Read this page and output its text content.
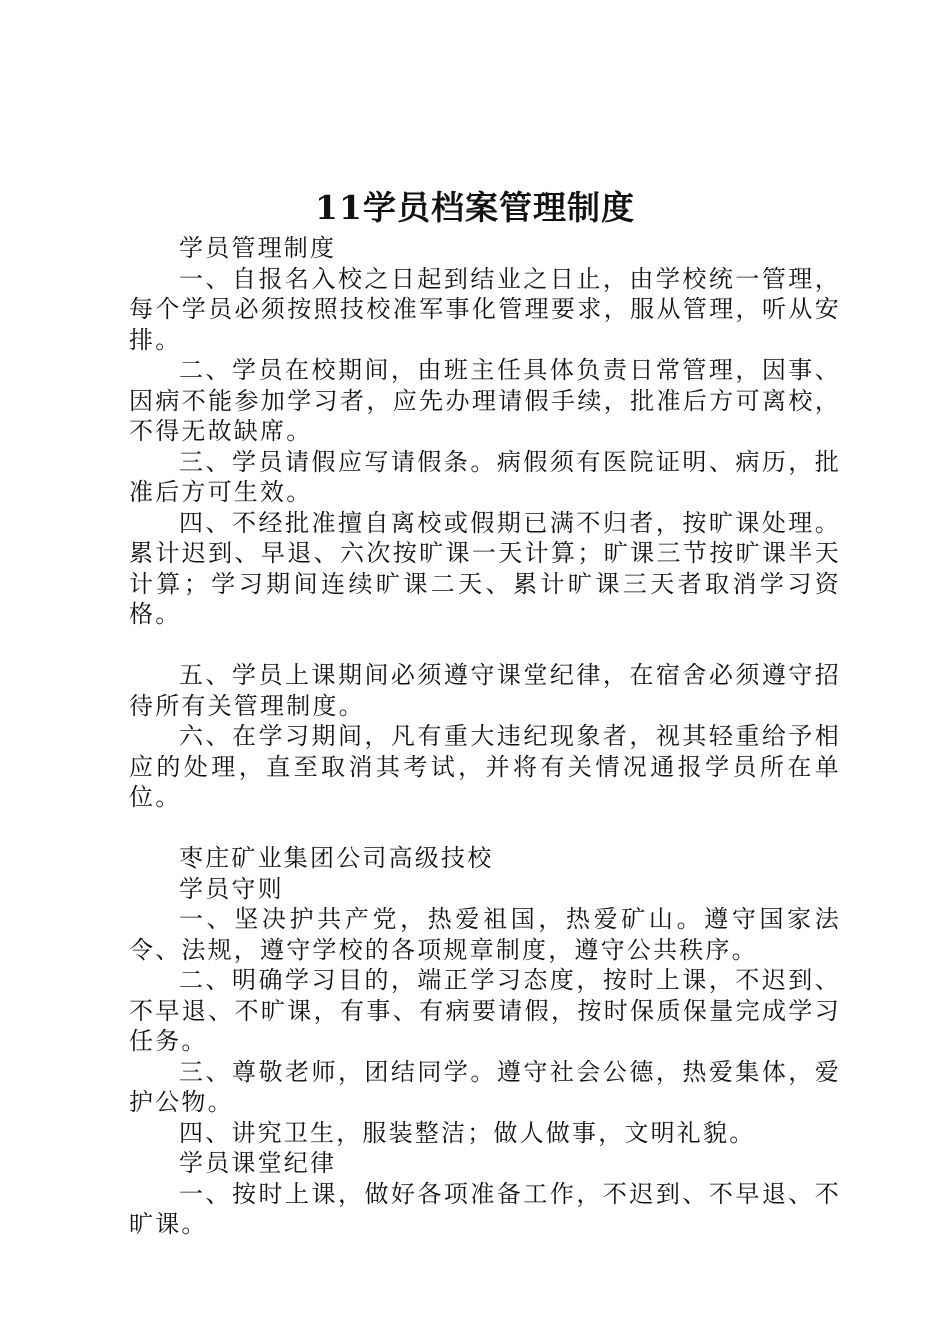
11学员档案管理制度

学员管理制度

一、自报名入校之日起到结业之日止，由学校统一管理，每个学员必须按照技校准军事化管理要求，服从管理，听从安排。

二、学员在校期间，由班主任具体负责日常管理，因事、因病不能参加学习者，应先办理请假手续，批准后方可离校，不得无故缺席。

三、学员请假应写请假条。病假须有医院证明、病历，批准后方可生效。

四、不经批准擅自离校或假期已满不归者，按旷课处理。累计迟到、早退、六次按旷课一天计算；旷课三节按旷课半天计算；学习期间连续旷课二天、累计旷课三天者取消学习资格。

五、学员上课期间必须遵守课堂纪律，在宿舍必须遵守招待所有关管理制度。

六、在学习期间，凡有重大违纪现象者，视其轻重给予相应的处理，直至取消其考试，并将有关情况通报学员所在单位。

枣庄矿业集团公司高级技校

学员守则

一、坚决护共产党，热爱祖国，热爱矿山。遵守国家法令、法规，遵守学校的各项规章制度，遵守公共秩序。

二、明确学习目的，端正学习态度，按时上课，不迟到、不早退、不旷课，有事、有病要请假，按时保质保量完成学习任务。

三、尊敬老师，团结同学。遵守社会公德，热爱集体，爱护公物。

四、讲究卫生，服装整洁；做人做事，文明礼貌。

学员课堂纪律

一、按时上课，做好各项准备工作，不迟到、不早退、不旷课。
